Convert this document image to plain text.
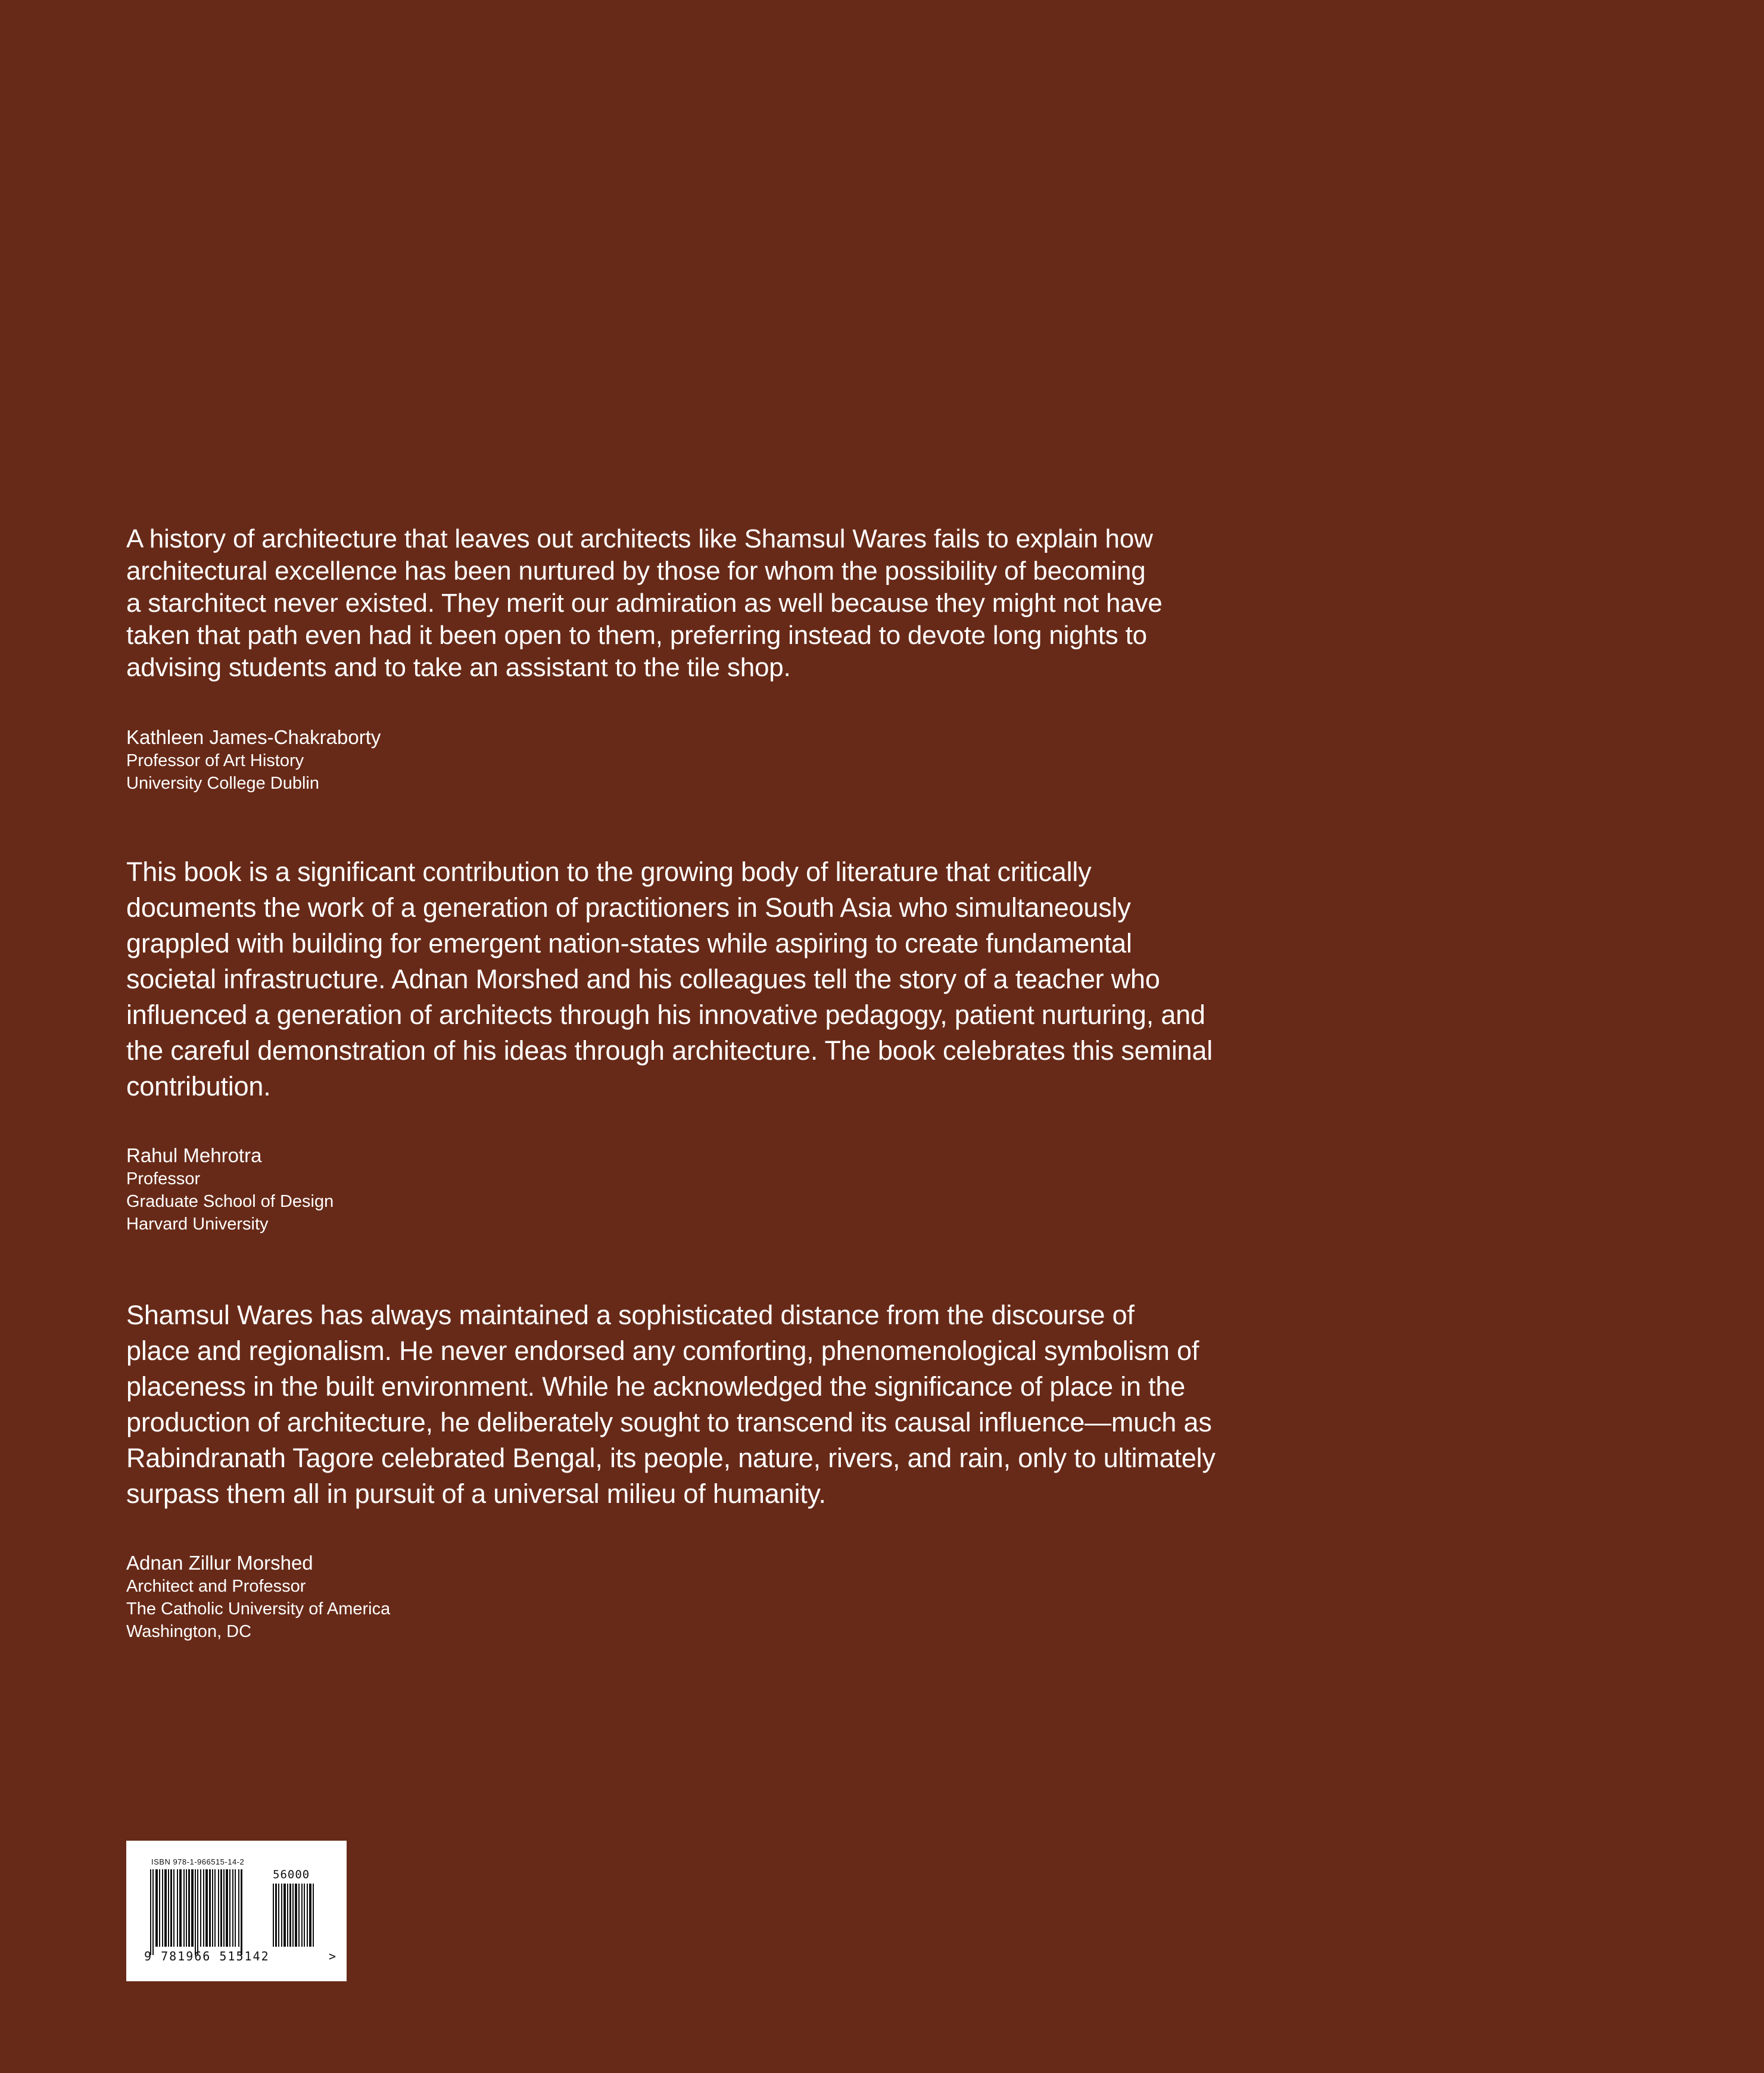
A history of architecture that leaves out architects like Shamsul Wares fails to explain how
architectural excellence has been nurtured by those for whom the possibility of becoming
a starchitect never existed. They merit our admiration as well because they might not have
taken that path even had it been open to them, preferring instead to devote long nights to
advising students and to take an assistant to the tile shop.

Kathleen James-Chakraborty
Professor of Art History
University College Dublin

This book is a significant contribution to the growing body of literature that critically
documents the work of a generation of practitioners in South Asia who simultaneously
grappled with building for emergent nation-states while aspiring to create fundamental
societal infrastructure. Adnan Morshed and his colleagues tell the story of a teacher who
influenced a generation of architects through his innovative pedagogy, patient nurturing, and
the careful demonstration of his ideas through architecture. The book celebrates this seminal
contribution.

Rahul Mehrotra
Professor
Graduate School of Design
Harvard University

Shamsul Wares has always maintained a sophisticated distance from the discourse of
place and regionalism. He never endorsed any comforting, phenomenological symbolism of
placeness in the built environment. While he acknowledged the significance of place in the
production of architecture, he deliberately sought to transcend its causal influence—much as
Rabindranath Tagore celebrated Bengal, its people, nature, rivers, and rain, only to ultimately
surpass them all in pursuit of a universal milieu of humanity.

Adnan Zillur Morshed
Architect and Professor
The Catholic University of America
Washington, DC

ISBN 978-1-966515-14-2
56000
9 781966 515142	>
